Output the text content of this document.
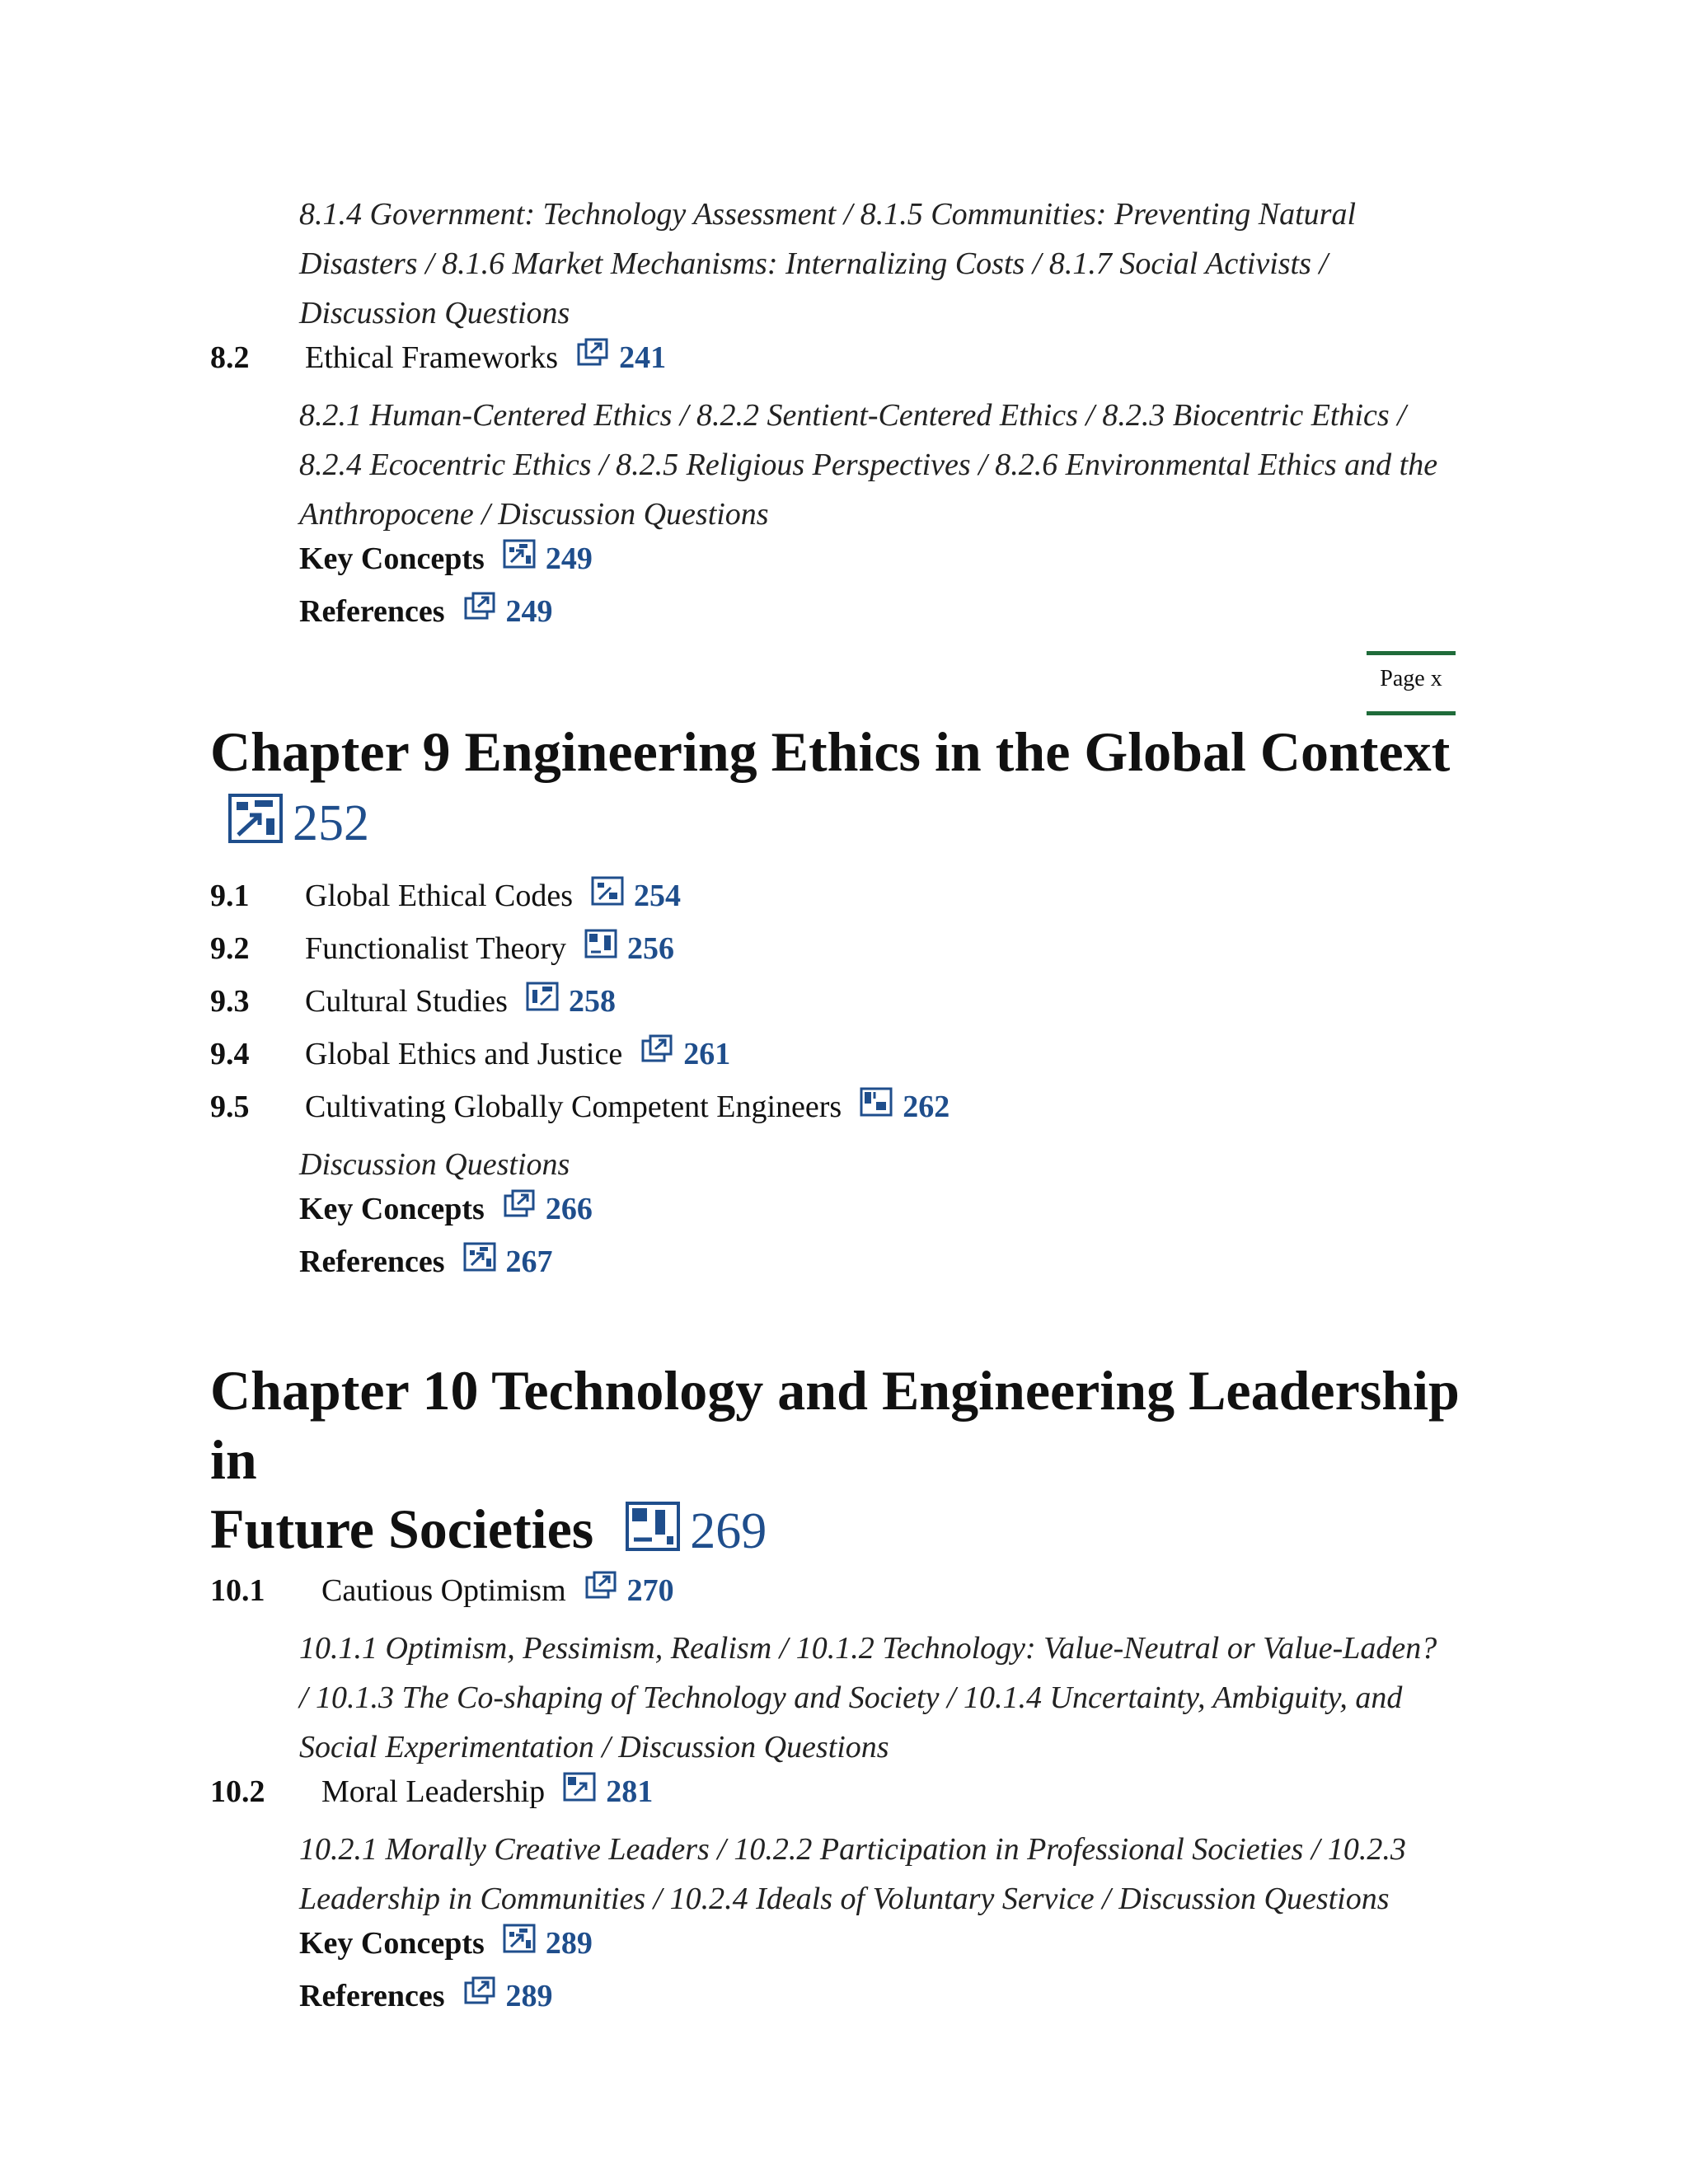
8.1.4 Government: Technology Assessment / 8.1.5 Communities: Preventing Natural Disasters / 8.1.6 Market Mechanisms: Internalizing Costs / 8.1.7 Social Activists / Discussion Questions
8.2	Ethical Frameworks 241
8.2.1 Human-Centered Ethics / 8.2.2 Sentient-Centered Ethics / 8.2.3 Biocentric Ethics / 8.2.4 Ecocentric Ethics / 8.2.5 Religious Perspectives / 8.2.6 Environmental Ethics and the Anthropocene / Discussion Questions
Key Concepts 249
References 249
Page x
Chapter 9 Engineering Ethics in the Global Context

252
9.1	Global Ethical Codes 254
9.2	Functionalist Theory 256
9.3	Cultural Studies 258
9.4	Global Ethics and Justice 261
9.5	Cultivating Globally Competent Engineers 262
Discussion Questions
Key Concepts 266
References 267
Chapter 10 Technology and Engineering Leadership in
Future Societies 269
10.1	Cautious Optimism 270
10.1.1 Optimism, Pessimism, Realism / 10.1.2 Technology: Value-Neutral or Value-Laden? / 10.1.3 The Co-shaping of Technology and Society / 10.1.4 Uncertainty, Ambiguity, and Social Experimentation / Discussion Questions
10.2	Moral Leadership 281
10.2.1 Morally Creative Leaders / 10.2.2 Participation in Professional Societies / 10.2.3 Leadership in Communities / 10.2.4 Ideals of Voluntary Service / Discussion Questions
Key Concepts 289
References 289
